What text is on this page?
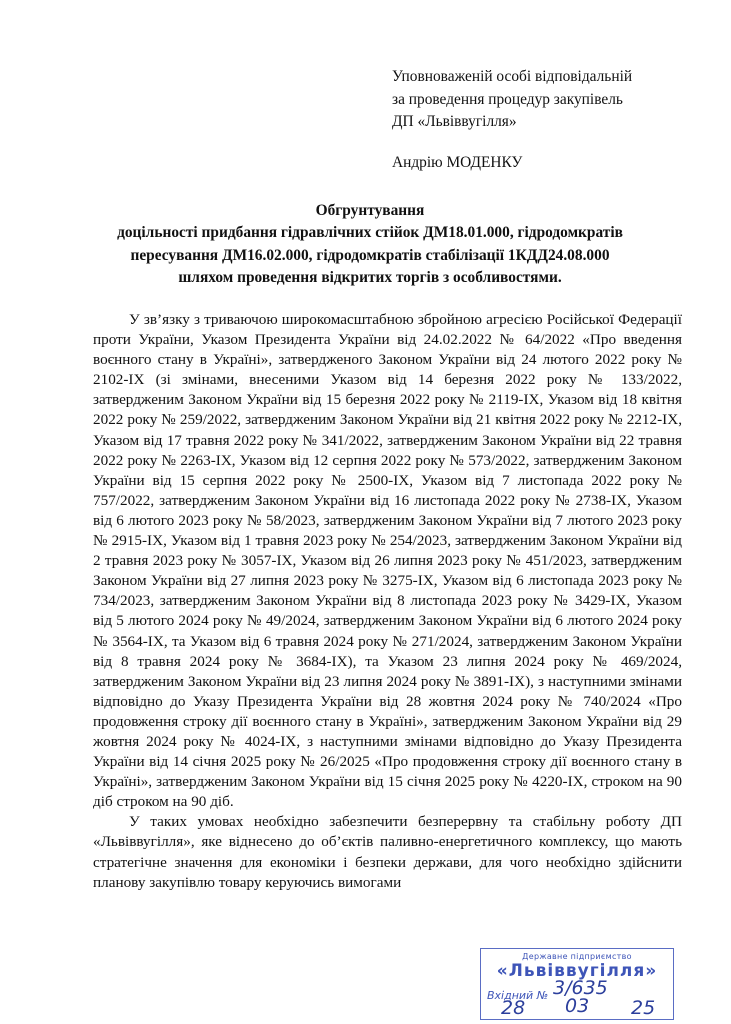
Уповноваженій особі відповідальній
за проведення процедур закупівель
ДП «Львіввугілля»
Андрію МОДЕНКУ
Обгрунтування
доцільності придбання гідравлічних стійок ДМ18.01.000, гідродомкратів
пересування ДМ16.02.000, гідродомкратів стабілізації 1КДД24.08.000
шляхом проведення відкритих торгів з особливостями.

У зв’язку з триваючою широкомасштабною збройною агресією Російської Федерації проти України, Указом Президента України від 24.02.2022 № 64/2022 «Про введення воєнного стану в Україні», затвердженого Законом України від 24 лютого 2022 року № 2102-IX (зі змінами, внесеними Указом від 14 березня 2022 року № 133/2022, затвердженим Законом України від 15 березня 2022 року № 2119-IX, Указом від 18 квітня 2022 року № 259/2022, затвердженим Законом України від 21 квітня 2022 року № 2212-IX, Указом від 17 травня 2022 року № 341/2022, затвердженим Законом України від 22 травня 2022 року № 2263-IX, Указом від 12 серпня 2022 року № 573/2022, затвердженим Законом України від 15 серпня 2022 року № 2500-IX, Указом від 7 листопада 2022 року № 757/2022, затвердженим Законом України від 16 листопада 2022 року № 2738-IX, Указом від 6 лютого 2023 року № 58/2023, затвердженим Законом України від 7 лютого 2023 року № 2915-IX, Указом від 1 травня 2023 року № 254/2023, затвердженим Законом України від 2 травня 2023 року № 3057-IX, Указом від 26 липня 2023 року № 451/2023, затвердженим Законом України від 27 липня 2023 року № 3275-IX, Указом від 6 листопада 2023 року № 734/2023, затвердженим Законом України від 8 листопада 2023 року № 3429-IX, Указом від 5 лютого 2024 року № 49/2024, затвердженим Законом України від 6 лютого 2024 року № 3564-IX, та Указом від 6 травня 2024 року № 271/2024, затвердженим Законом України від 8 травня 2024 року № 3684-IX), та Указом 23 липня 2024 року № 469/2024, затвердженим Законом України від 23 липня 2024 року № 3891-IX), з наступними змінами відповідно до Указу Президента України від 28 жовтня 2024 року № 740/2024 «Про продовження строку дії воєнного стану в Україні», затвердженим Законом України від 29 жовтня 2024 року № 4024-IX, з наступними змінами відповідно до Указу Президента України від 14 січня 2025 року № 26/2025 «Про продовження строку дії воєнного стану в Україні», затвердженим Законом України від 15 січня 2025 року № 4220-IX, строком на 90 діб строком на 90 діб.

У таких умовах необхідно забезпечити безперервну та стабільну роботу ДП «Львіввугілля», яке віднесено до об’єктів паливно-енергетичного комплексу, що мають стратегічне значення для економіки і безпеки держави, для чого необхідно здійснити планову закупівлю товару керуючись вимогами

Державне підприємство
«Львіввугілля»
Вхідний № 3/635
28 03 25
